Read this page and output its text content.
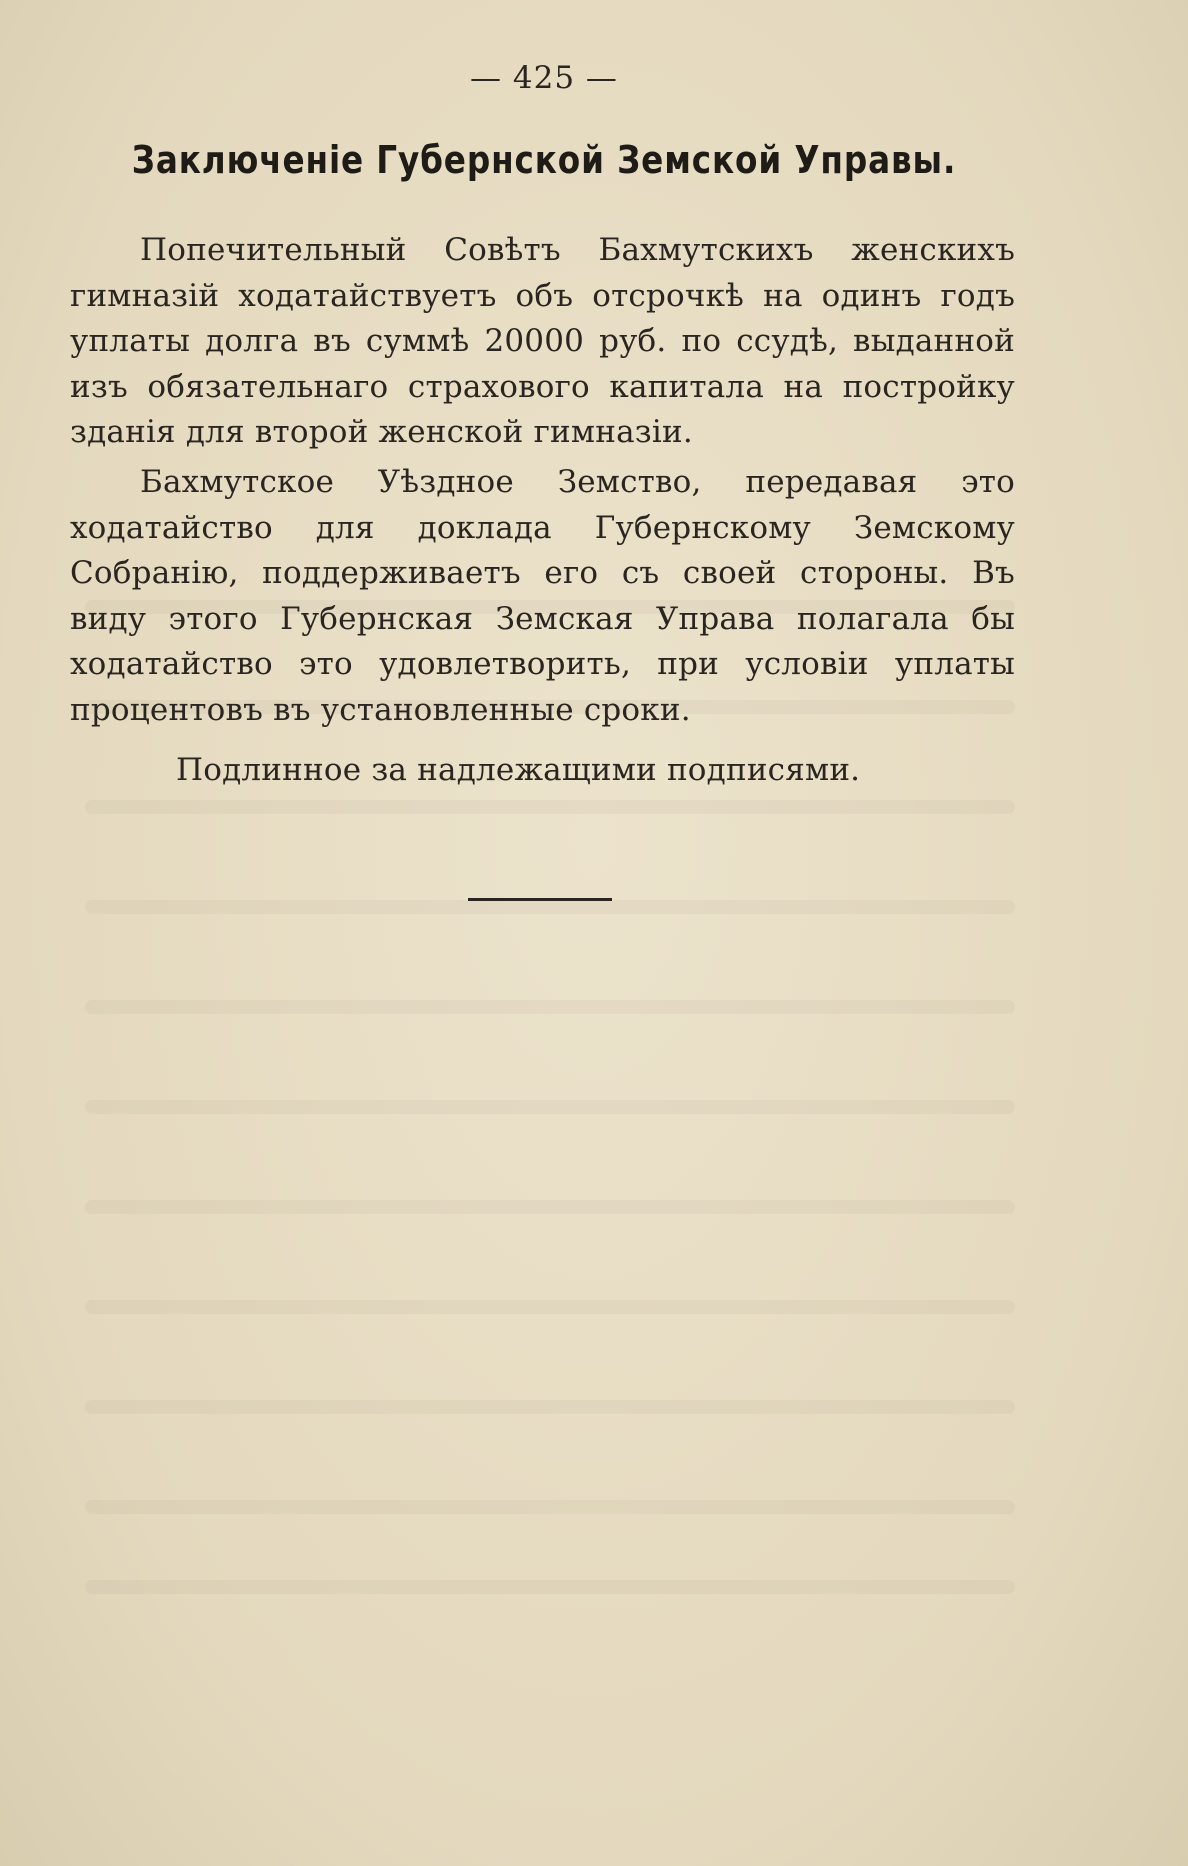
— 425 —
Заключенiе Губернской Земской Управы.
Попечительный Совѣтъ Бахмутскихъ женскихъ гимназiй ходатайствуетъ объ отсрочкѣ на одинъ годъ уплаты долга въ суммѣ 20000 руб. по ссудѣ, выданной изъ обязательнаго страхового капитала на постройку зданiя для второй женской гимназiи.
Бахмутское Уѣздное Земство, передавая это ходатайство для доклада Губернскому Земскому Собранiю, поддерживаетъ его съ своей стороны. Въ виду этого Губернская Земская Управа полагала бы ходатайство это удовлетворить, при условiи уплаты процентовъ въ установленные сроки.
Подлинное за надлежащими подписями.
